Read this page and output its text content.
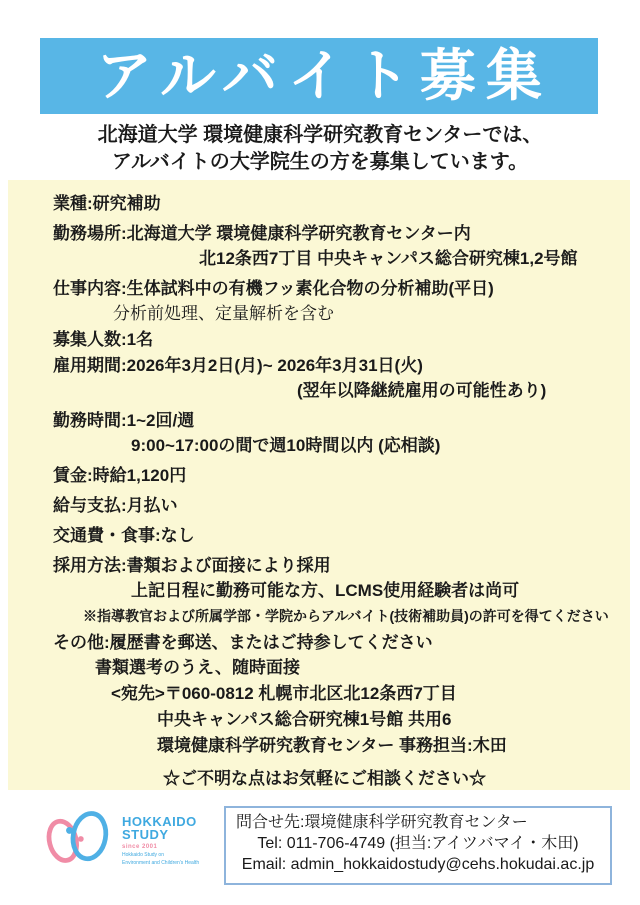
アルバイト募集
北海道大学 環境健康科学研究教育センターでは、
アルバイトの大学院生の方を募集しています。
業種:研究補助
勤務場所:北海道大学 環境健康科学研究教育センター内
北12条西7丁目 中央キャンパス総合研究棟1,2号館
仕事内容:生体試料中の有機フッ素化合物の分析補助(平日)
分析前処理、定量解析を含む
募集人数:1名
雇用期間:2026年3月2日(月)~ 2026年3月31日(火)
(翌年以降継続雇用の可能性あり)
勤務時間:1~2回/週
9:00~17:00の間で週10時間以内 (応相談)
賃金:時給1,120円
給与支払:月払い
交通費・食事:なし
採用方法:書類および面接により採用
上記日程に勤務可能な方、LCMS使用経験者は尚可
※指導教官および所属学部・学院からアルバイト(技術補助員)の許可を得てください
その他:履歴書を郵送、またはご持参してください
書類選考のうえ、随時面接
<宛先>〒060-0812 札幌市北区北12条西7丁目
中央キャンパス総合研究棟1号館 共用6
環境健康科学研究教育センター 事務担当:木田
☆ご不明な点はお気軽にご相談ください☆
HOKKAIDO
STUDY
since 2001
Hokkaido Study on
Environment and Children's Health
問合せ先:環境健康科学研究教育センター
Tel: 011-706-4749 (担当:アイツバマイ・木田)
Email: admin_hokkaidostudy@cehs.hokudai.ac.jp
